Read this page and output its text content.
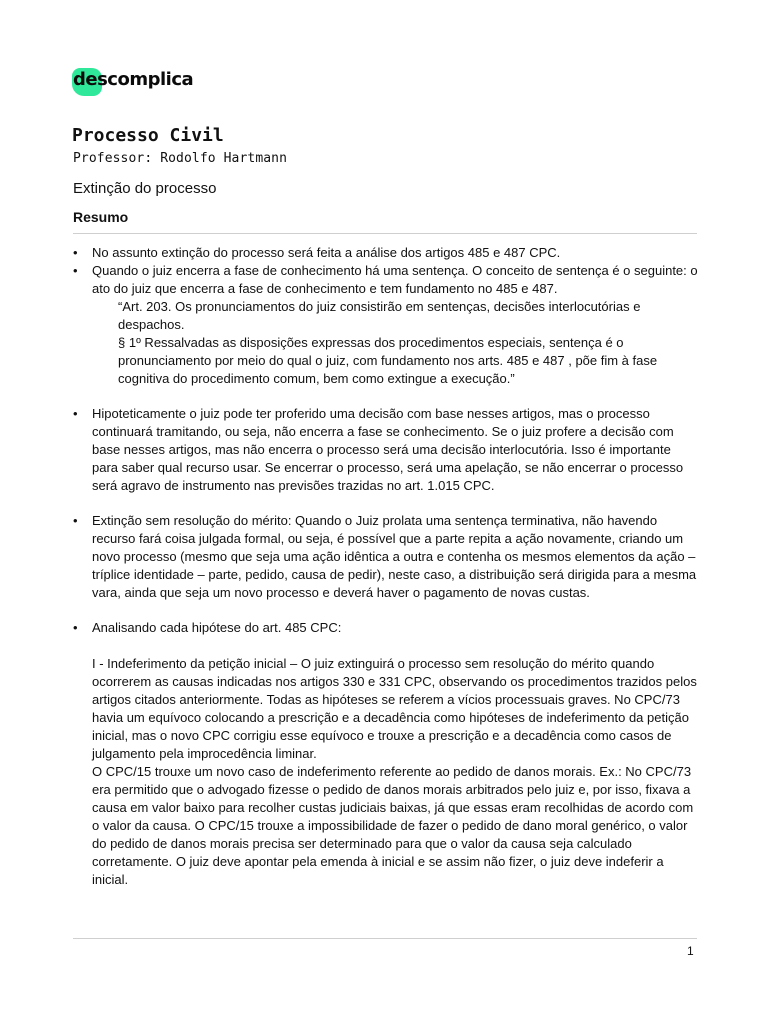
descomplica
Processo Civil
Professor: Rodolfo Hartmann
Extinção do processo
Resumo
• No assunto extinção do processo será feita a análise dos artigos 485 e 487 CPC.
• Quando o juiz encerra a fase de conhecimento há uma sentença. O conceito de sentença é o seguinte: o ato do juiz que encerra a fase de conhecimento e tem fundamento no 485 e 487.
“Art. 203. Os pronunciamentos do juiz consistirão em sentenças, decisões interlocutórias e despachos.
§ 1º Ressalvadas as disposições expressas dos procedimentos especiais, sentença é o pronunciamento por meio do qual o juiz, com fundamento nos arts. 485 e 487 , põe fim à fase cognitiva do procedimento comum, bem como extingue a execução.”
• Hipoteticamente o juiz pode ter proferido uma decisão com base nesses artigos, mas o processo continuará tramitando, ou seja, não encerra a fase se conhecimento. Se o juiz profere a decisão com base nesses artigos, mas não encerra o processo será uma decisão interlocutória. Isso é importante para saber qual recurso usar. Se encerrar o processo, será uma apelação, se não encerrar o processo será agravo de instrumento nas previsões trazidas no art. 1.015 CPC.
• Extinção sem resolução do mérito: Quando o Juiz prolata uma sentença terminativa, não havendo recurso fará coisa julgada formal, ou seja, é possível que a parte repita a ação novamente, criando um novo processo (mesmo que seja uma ação idêntica a outra e contenha os mesmos elementos da ação – tríplice identidade – parte, pedido, causa de pedir), neste caso, a distribuição será dirigida para a mesma vara, ainda que seja um novo processo e deverá haver o pagamento de novas custas.
• Analisando cada hipótese do art. 485 CPC:
I - Indeferimento da petição inicial – O juiz extinguirá o processo sem resolução do mérito quando ocorrerem as causas indicadas nos artigos 330 e 331 CPC, observando os procedimentos trazidos pelos artigos citados anteriormente. Todas as hipóteses se referem a vícios processuais graves. No CPC/73 havia um equívoco colocando a prescrição e a decadência como hipóteses de indeferimento da petição inicial, mas o novo CPC corrigiu esse equívoco e trouxe a prescrição e a decadência como casos de julgamento pela improcedência liminar.
O CPC/15 trouxe um novo caso de indeferimento referente ao pedido de danos morais. Ex.: No CPC/73 era permitido que o advogado fizesse o pedido de danos morais arbitrados pelo juiz e, por isso, fixava a causa em valor baixo para recolher custas judiciais baixas, já que essas eram recolhidas de acordo com o valor da causa. O CPC/15 trouxe a impossibilidade de fazer o pedido de dano moral genérico, o valor do pedido de danos morais precisa ser determinado para que o valor da causa seja calculado corretamente. O juiz deve apontar pela emenda à inicial e se assim não fizer, o juiz deve indeferir a inicial.
1
